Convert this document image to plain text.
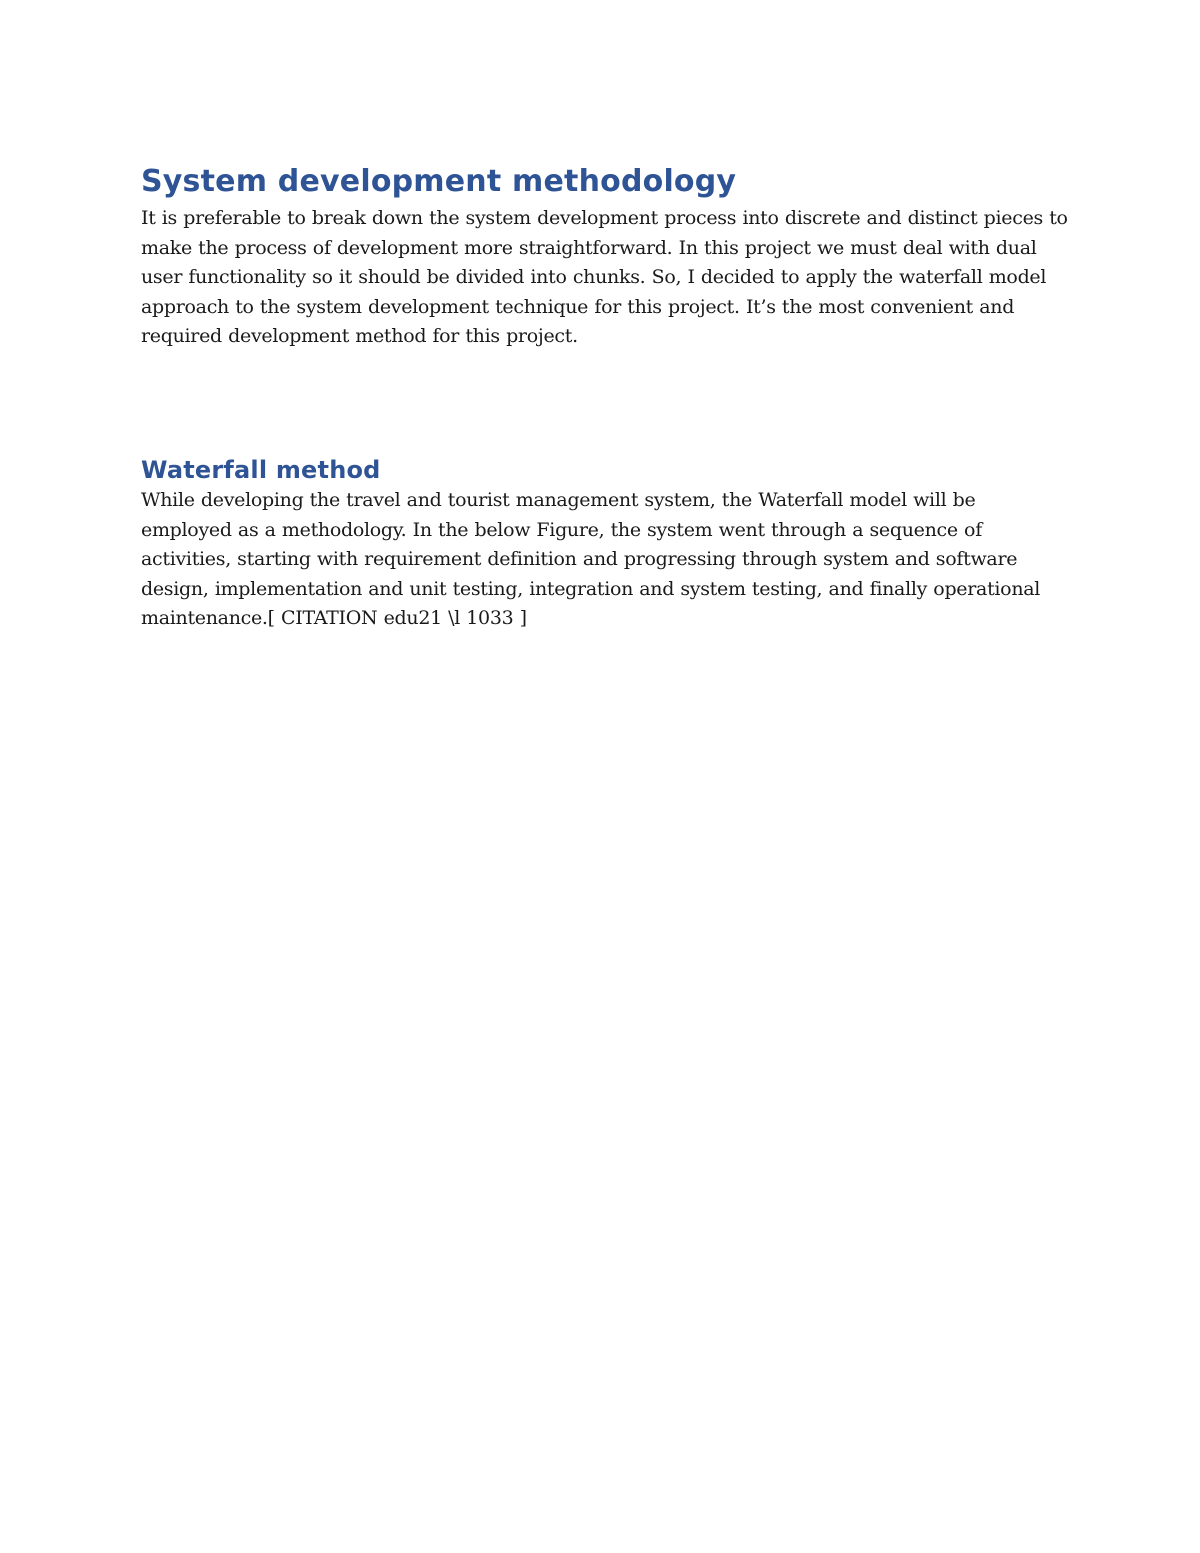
System development methodology

It is preferable to break down the system development process into discrete and distinct pieces to make the process of development more straightforward. In this project we must deal with dual user functionality so it should be divided into chunks. So, I decided to apply the waterfall model approach to the system development technique for this project. It’s the most convenient and required development method for this project.

Waterfall method

While developing the travel and tourist management system, the Waterfall model will be employed as a methodology. In the below Figure, the system went through a sequence of activities, starting with requirement definition and progressing through system and software design, implementation and unit testing, integration and system testing, and finally operational maintenance.[ CITATION edu21 \l 1033 ]
